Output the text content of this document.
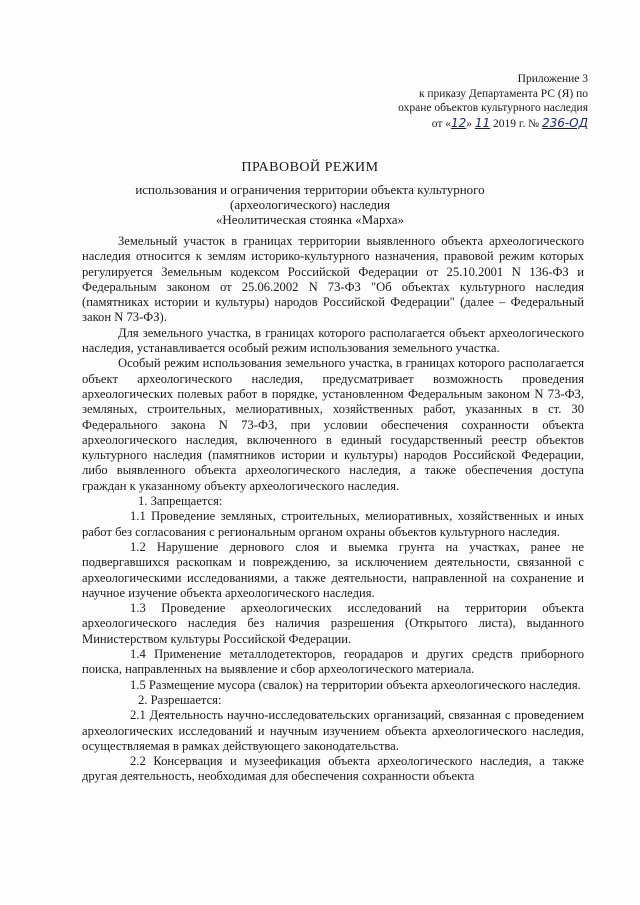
Приложение 3
к приказу Департамента РС (Я) по
охране объектов культурного наследия
от «12» 11 2019 г. № 236-ОД
ПРАВОВОЙ РЕЖИМ
использования и ограничения территории объекта культурного
(археологического) наследия
«Неолитическая стоянка «Марха»
Земельный участок в границах территории выявленного объекта археологического наследия относится к землям историко-культурного назначения, правовой режим которых регулируется Земельным кодексом Российской Федерации от 25.10.2001 N 136-ФЗ и Федеральным законом от 25.06.2002 N 73-ФЗ "Об объектах культурного наследия (памятниках истории и культуры) народов Российской Федерации" (далее – Федеральный закон N 73-ФЗ).
Для земельного участка, в границах которого располагается объект археологического наследия, устанавливается особый режим использования земельного участка.
Особый режим использования земельного участка, в границах которого располагается объект археологического наследия, предусматривает возможность проведения археологических полевых работ в порядке, установленном Федеральным законом N 73-ФЗ, земляных, строительных, мелиоративных, хозяйственных работ, указанных в ст. 30 Федерального закона N 73-ФЗ, при условии обеспечения сохранности объекта археологического наследия, включенного в единый государственный реестр объектов культурного наследия (памятников истории и культуры) народов Российской Федерации, либо выявленного объекта археологического наследия, а также обеспечения доступа граждан к указанному объекту археологического наследия.
1. Запрещается:
1.1 Проведение земляных, строительных, мелиоративных, хозяйственных и иных работ без согласования с региональным органом охраны объектов культурного наследия.
1.2 Нарушение дернового слоя и выемка грунта на участках, ранее не подвергавшихся раскопкам и повреждению, за исключением деятельности, связанной с археологическими исследованиями, а также деятельности, направленной на сохранение и научное изучение объекта археологического наследия.
1.3 Проведение археологических исследований на территории объекта археологического наследия без наличия разрешения (Открытого листа), выданного Министерством культуры Российской Федерации.
1.4 Применение металлодетекторов, георадаров и других средств приборного поиска, направленных на выявление и сбор археологического материала.
1.5 Размещение мусора (свалок) на территории объекта археологического наследия.
2. Разрешается:
2.1 Деятельность научно-исследовательских организаций, связанная с проведением археологических исследований и научным изучением объекта археологического наследия, осуществляемая в рамках действующего законодательства.
2.2 Консервация и музеефикация объекта археологического наследия, а также другая деятельность, необходимая для обеспечения сохранности объекта
